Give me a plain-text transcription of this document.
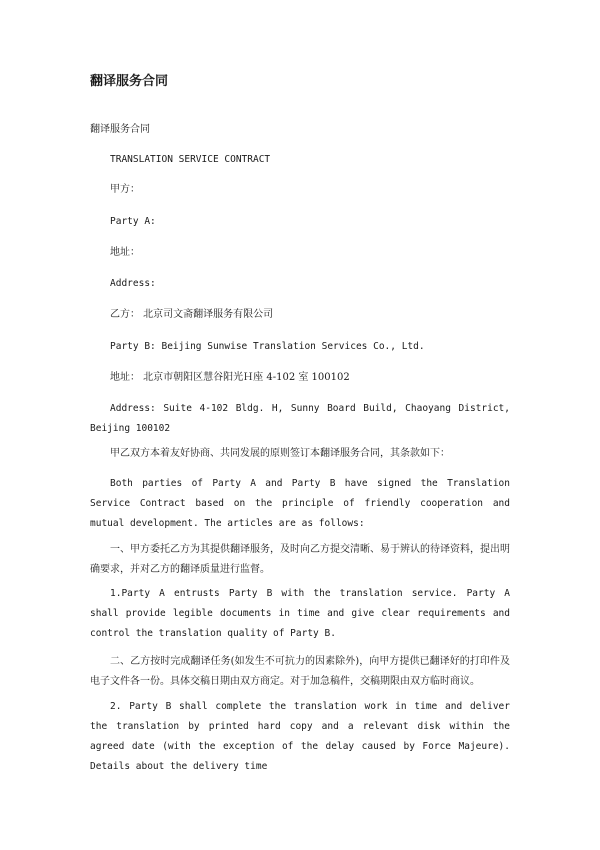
翻译服务合同

翻译服务合同

TRANSLATION SERVICE CONTRACT

甲方：

Party A:

地址：

Address:

乙方： 北京司文斋翻译服务有限公司

Party B: Beijing Sunwise Translation Services Co., Ltd.

地址： 北京市朝阳区慧谷阳光Ｈ座 4-102 室 100102

Address: Suite 4-102 Bldg. H, Sunny Board Build, Chaoyang District, Beijing 100102

甲乙双方本着友好协商、共同发展的原则签订本翻译服务合同，其条款如下：

Both parties of Party A and Party B have signed the Translation Service Contract based on the principle of friendly cooperation and mutual development. The articles are as follows:

一、甲方委托乙方为其提供翻译服务，及时向乙方提交清晰、易于辨认的待译资料，提出明确要求，并对乙方的翻译质量进行监督。

1.Party A entrusts Party B with the translation service. Party A shall provide legible documents in time and give clear requirements and control the translation quality of Party B.

二、乙方按时完成翻译任务(如发生不可抗力的因素除外)，向甲方提供已翻译好的打印件及电子文件各一份。具体交稿日期由双方商定。对于加急稿件，交稿期限由双方临时商议。

2. Party B shall complete the translation work in time and deliver the translation by printed hard copy and a relevant disk within the agreed date (with the exception of the delay caused by Force Majeure). Details about the delivery time
